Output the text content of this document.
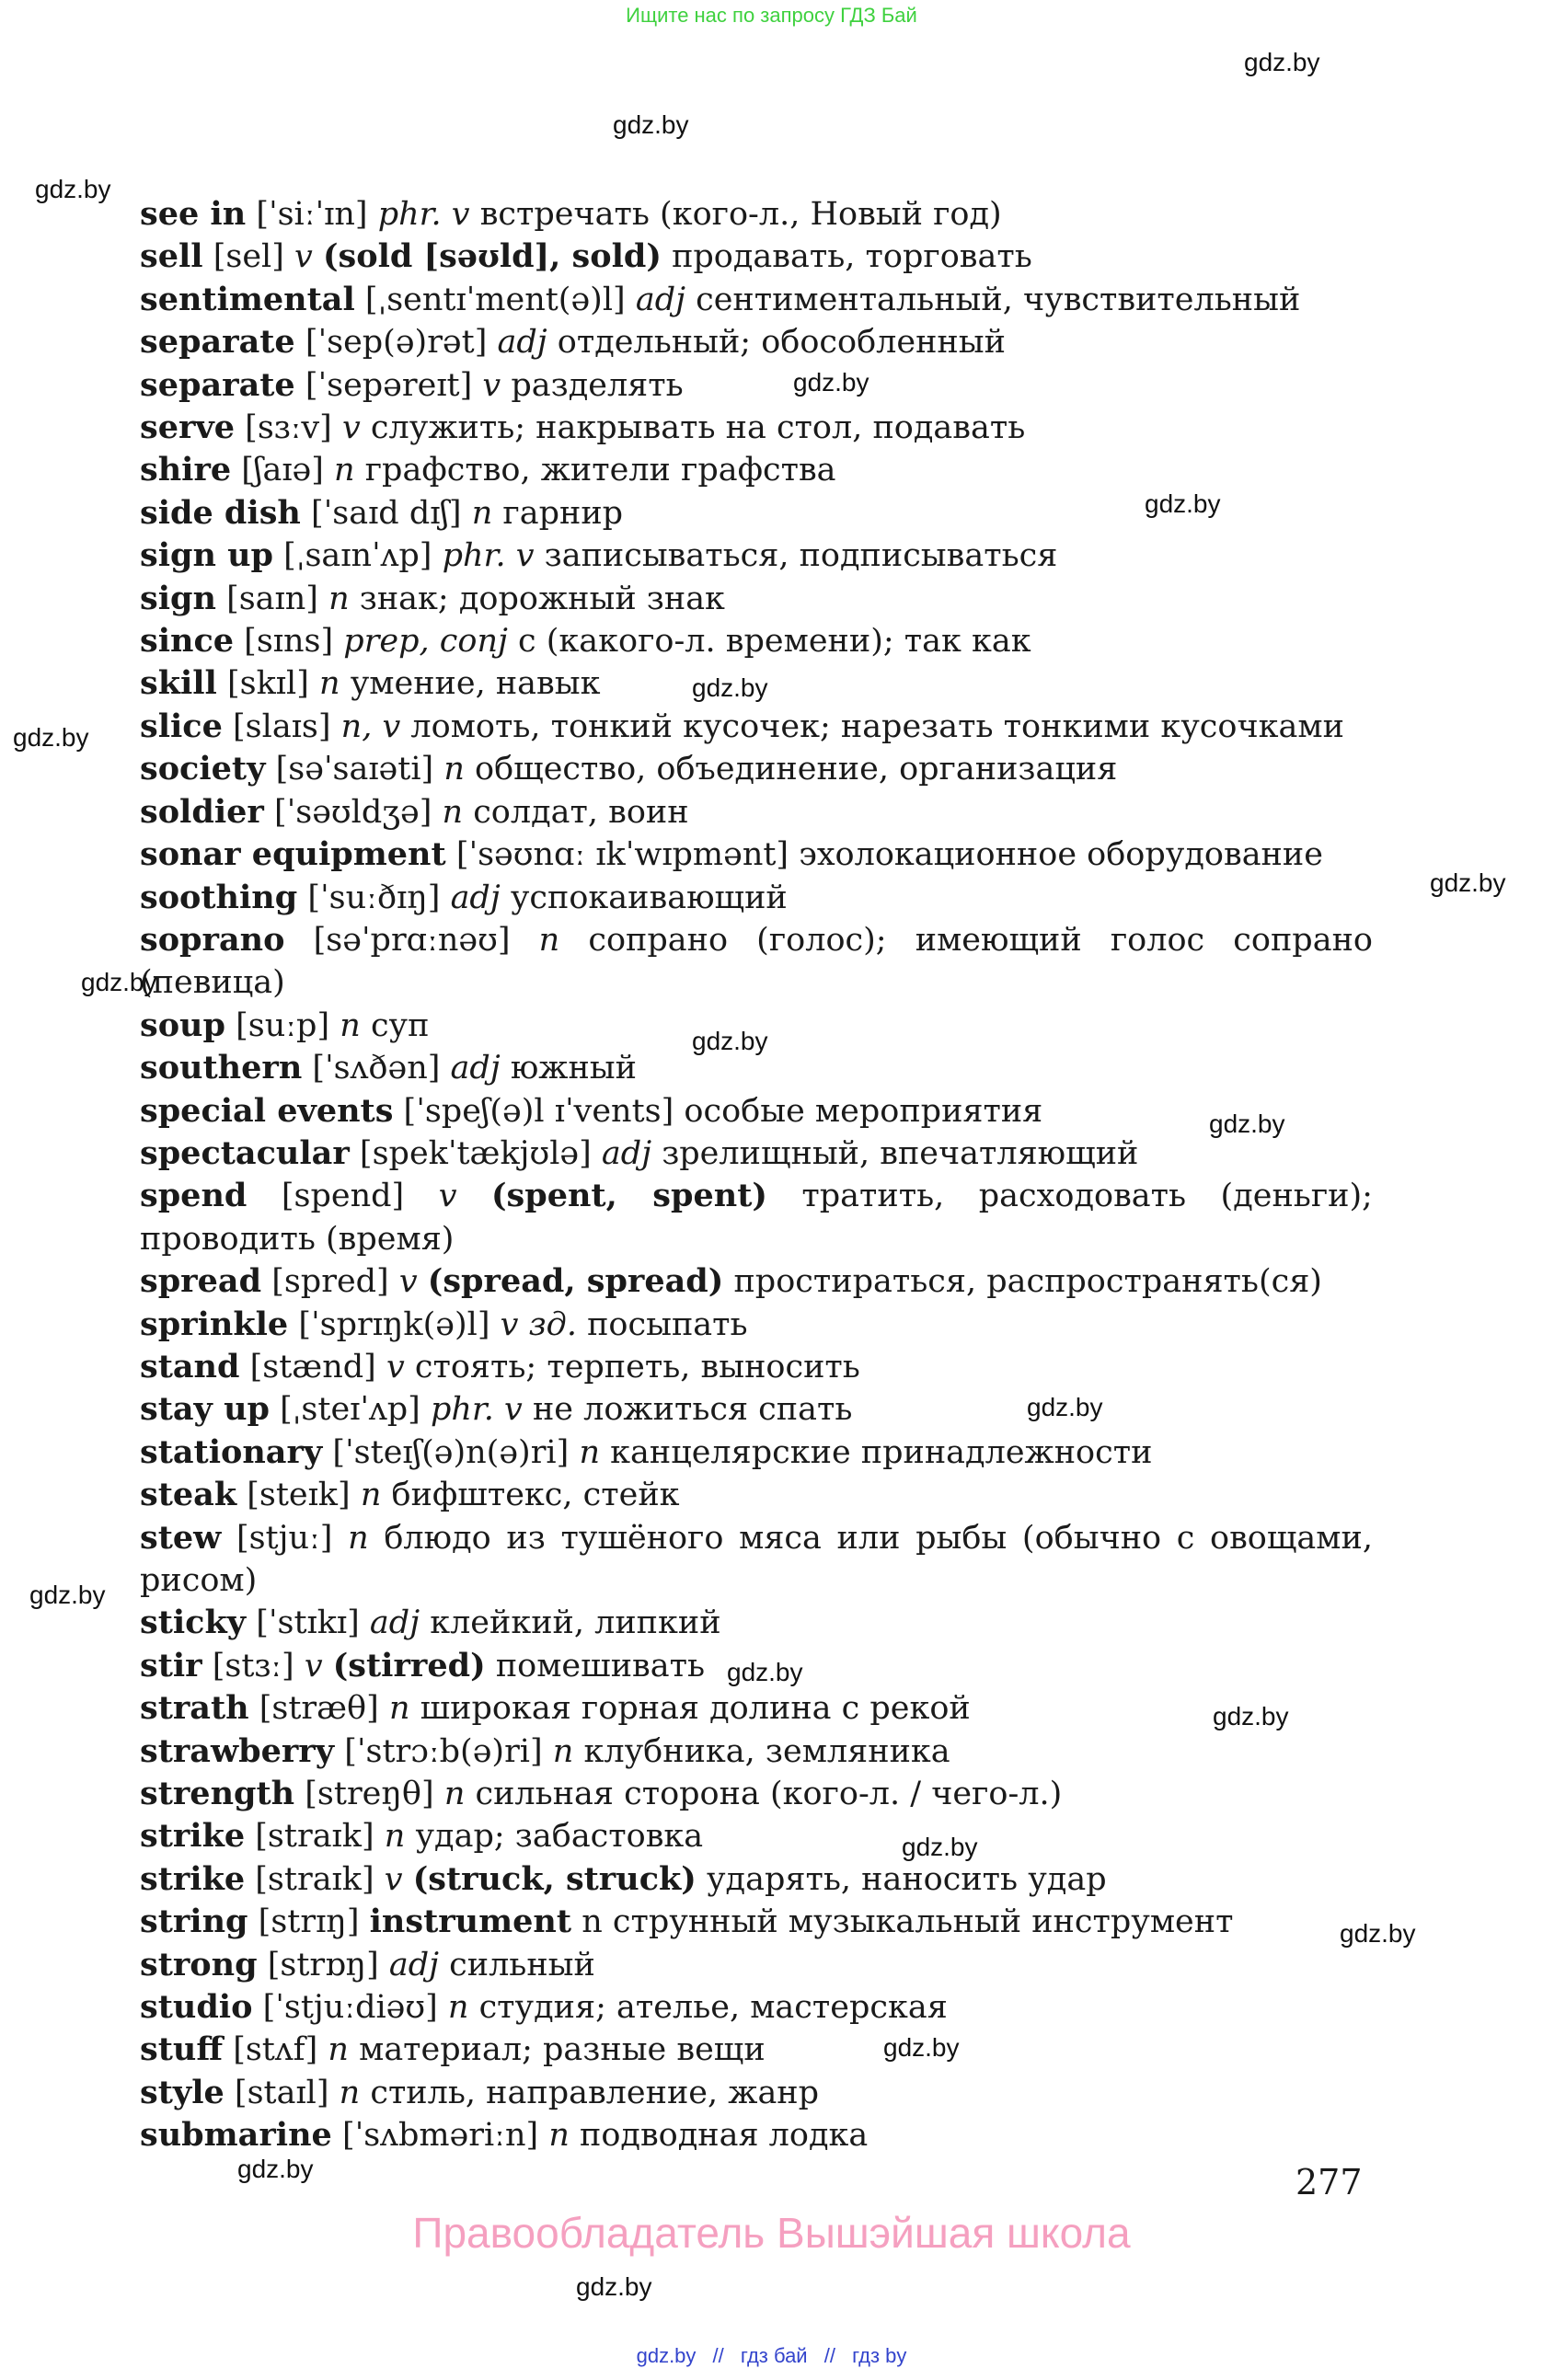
Ищите нас по запросу ГДЗ Бай
gdz.by
gdz.by
gdz.by
see in [ˈsiːˈɪn] phr. v встречать (кого-л., Новый год)
sell [sel] v (sold [səʊld], sold) продавать, торговать
sentimental [ˌsentɪˈment(ə)l] adj сентиментальный, чувствительный
separate [ˈsep(ə)rət] adj отдельный; обособленный
separate [ˈsepəreɪt] v разделять
serve [sɜːv] v служить; накрывать на стол, подавать
shire [ʃaɪə] n графство, жители графства
side dish [ˈsaɪd dɪʃ] n гарнир
sign up [ˌsaɪnˈʌp] phr. v записываться, подписываться
sign [saɪn] n знак; дорожный знак
since [sɪns] prep, conj с (какого-л. времени); так как
skill [skɪl] n умение, навык
slice [slaɪs] n, v ломоть, тонкий кусочек; нарезать тонкими кусочками
society [səˈsaɪəti] n общество, объединение, организация
soldier [ˈsəʊldʒə] n солдат, воин
sonar equipment [ˈsəʊnɑː ɪkˈwɪpmənt] эхолокационное оборудование
soothing [ˈsuːðɪŋ] adj успокаивающий
soprano [səˈprɑːnəʊ] n сопрано (голос); имеющий голос сопрано (певица)
soup [suːp] n суп
southern [ˈsʌðən] adj южный
special events [ˈspeʃ(ə)l ɪˈvents] особые мероприятия
spectacular [spekˈtækjʊlə] adj зрелищный, впечатляющий
spend [spend] v (spent, spent) тратить, расходовать (деньги); проводить (время)
spread [spred] v (spread, spread) простираться, распространять(ся)
sprinkle [ˈsprɪŋk(ə)l] v зд. посыпать
stand [stænd] v стоять; терпеть, выносить
stay up [ˌsteɪˈʌp] phr. v не ложиться спать
stationary [ˈsteɪʃ(ə)n(ə)ri] n канцелярские принадлежности
steak [steɪk] n бифштекс, стейк
stew [stjuː] n блюдо из тушёного мяса или рыбы (обычно с овощами, рисом)
sticky [ˈstɪkɪ] adj клейкий, липкий
stir [stɜː] v (stirred) помешивать
strath [stræθ] n широкая горная долина с рекой
strawberry [ˈstrɔːb(ə)ri] n клубника, земляника
strength [streŋθ] n сильная сторона (кого-л. / чего-л.)
strike [straɪk] n удар; забастовка
strike [straɪk] v (struck, struck) ударять, наносить удар
string [strɪŋ] instrument n струнный музыкальный инструмент
strong [strɒŋ] adj сильный
studio [ˈstjuːdiəʊ] n студия; ателье, мастерская
stuff [stʌf] n материал; разные вещи
style [staɪl] n стиль, направление, жанр
submarine [ˈsʌbməriːn] n подводная лодка
gdz.by
gdz.by
gdz.by
gdz.by
gdz.by
gdz.by
gdz.by
gdz.by
gdz.by
gdz.by
gdz.by
gdz.by
gdz.by
gdz.by
gdz.by
gdz.by	277
Правообладатель Вышэйшая школа
gdz.by
gdz.by // гдз бай // гдз by
